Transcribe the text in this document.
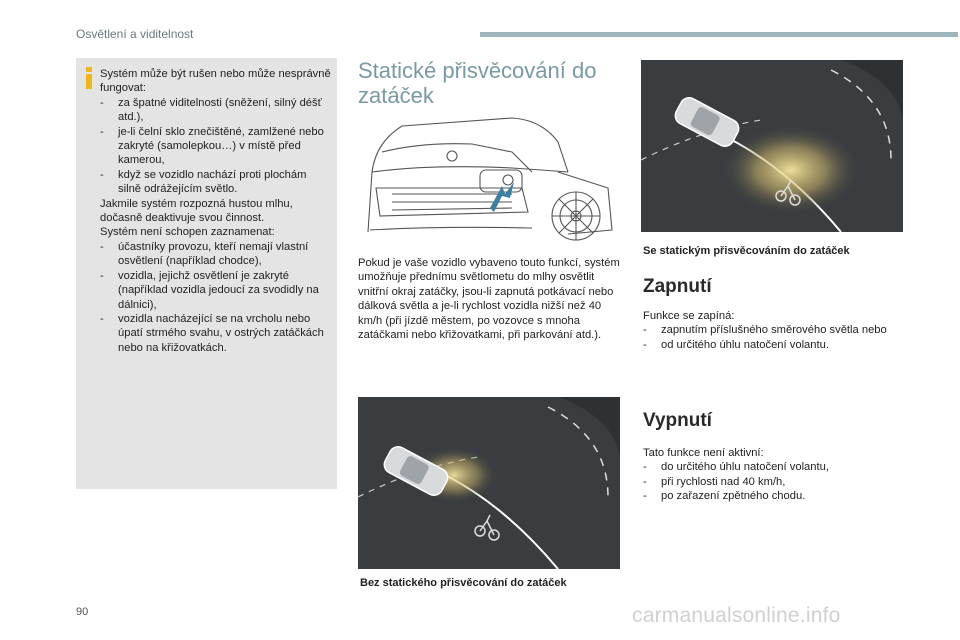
Osvětlení a viditelnost

Systém může být rušen nebo může nesprávně fungovat:

-	za špatné viditelnosti (sněžení, silný déšť atd.),
-	je-li čelní sklo znečištěné, zamlžené nebo zakryté (samolepkou…) v místě před kamerou,
-	když se vozidlo nachází proti plochám silně odrážejícím světlo.

Jakmile systém rozpozná hustou mlhu, dočasně deaktivuje svou činnost.

Systém není schopen zaznamenat:

-	účastníky provozu, kteří nemají vlastní osvětlení (například chodce),
-	vozidla, jejichž osvětlení je zakryté (například vozidla jedoucí za svodidly na dálnici),
-	vozidla nacházející se na vrcholu nebo úpatí strmého svahu, v ostrých zatáčkách nebo na křižovatkách.
Statické přisvěcování do zatáček
Pokud je vaše vozidlo vybaveno touto funkcí, systém umožňuje přednímu světlometu do mlhy osvětlit vnitřní okraj zatáčky, jsou-li zapnutá potkávací nebo dálková světla a je-li rychlost vozidla nižší než 40 km/h (při jízdě městem, po vozovce s mnoha zatáčkami nebo křižovatkami, při parkování atd.).
Se statickým přisvěcováním do zatáček
Zapnutí
Funkce se zapíná:
-	zapnutím příslušného směrového světla nebo
-	od určitého úhlu natočení volantu.
Vypnutí
Tato funkce není aktivní:
-	do určitého úhlu natočení volantu,
-	při rychlosti nad 40 km/h,
-	po zařazení zpětného chodu.
Bez statického přisvěcování do zatáček
90	carmanualsonline.info
